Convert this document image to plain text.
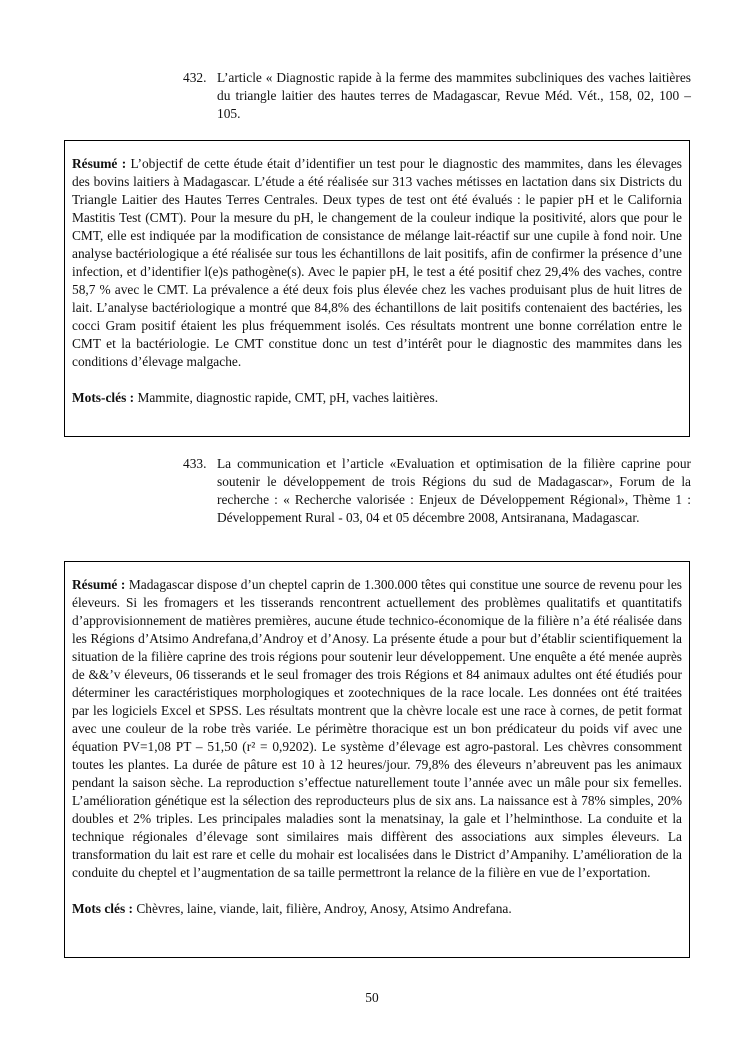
432. L’article « Diagnostic rapide à la ferme des mammites subcliniques des vaches laitières du triangle laitier des hautes terres de Madagascar, Revue Méd. Vét., 158, 02, 100 – 105.

Résumé : L’objectif de cette étude était d’identifier un test pour le diagnostic des mammites, dans les élevages des bovins laitiers à Madagascar. L’étude a été réalisée sur 313 vaches métisses en lactation dans six Districts du Triangle Laitier des Hautes Terres Centrales. Deux types de test ont été évalués : le papier pH et le California Mastitis Test (CMT). Pour la mesure du pH, le changement de la couleur indique la positivité, alors que pour le CMT, elle est indiquée par la modification de consistance de mélange lait-réactif sur une cupile à fond noir. Une analyse bactériologique a été réalisée sur tous les échantillons de lait positifs, afin de confirmer la présence d’une infection, et d’identifier l(e)s pathogène(s). Avec le papier pH, le test a été positif chez 29,4% des vaches, contre 58,7 % avec le CMT. La prévalence a été deux fois plus élevée chez les vaches produisant plus de huit litres de lait. L’analyse bactériologique a montré que 84,8% des échantillons de lait positifs contenaient des bactéries, les cocci Gram positif étaient les plus fréquemment isolés. Ces résultats montrent une bonne corrélation entre le CMT et la bactériologie. Le CMT constitue donc un test d’intérêt pour le diagnostic des mammites dans les conditions d’élevage malgache.

Mots-clés : Mammite, diagnostic rapide, CMT, pH, vaches laitières.

433. La communication et l’article «Evaluation et optimisation de la filière caprine pour soutenir le développement de trois Régions du sud de Madagascar», Forum de la recherche : « Recherche valorisée : Enjeux de Développement Régional», Thème 1 : Développement Rural - 03, 04 et 05 décembre 2008, Antsiranana, Madagascar.

Résumé : Madagascar dispose d’un cheptel caprin de 1.300.000 têtes qui constitue une source de revenu pour les éleveurs. Si les fromagers et les tisserands rencontrent actuellement des problèmes qualitatifs et quantitatifs d’approvisionnement de matières premières, aucune étude technico-économique de la filière n’a été réalisée dans les Régions d’Atsimo Andrefana,d’Androy et d’Anosy. La présente étude a pour but d’établir scientifiquement la situation de la filière caprine des trois régions pour soutenir leur développement. Une enquête a été menée auprès de &&’v éleveurs, 06 tisserands et le seul fromager des trois Régions et 84 animaux adultes ont été étudiés pour déterminer les caractéristiques morphologiques et zootechniques de la race locale. Les données ont été traitées par les logiciels Excel et SPSS. Les résultats montrent que la chèvre locale est une race à cornes, de petit format avec une couleur de la robe très variée. Le périmètre thoracique est un bon prédicateur du poids vif avec une équation PV=1,08 PT – 51,50 (r² = 0,9202). Le système d’élevage est agro-pastoral. Les chèvres consomment toutes les plantes. La durée de pâture est 10 à 12 heures/jour. 79,8% des éleveurs n’abreuvent pas les animaux pendant la saison sèche. La reproduction s’effectue naturellement toute l’année avec un mâle pour six femelles. L’amélioration génétique est la sélection des reproducteurs plus de six ans. La naissance est à 78% simples, 20% doubles et 2% triples. Les principales maladies sont la menatsinay, la gale et l’helminthose. La conduite et la technique régionales d’élevage sont similaires mais diffèrent des associations aux simples éleveurs. La transformation du lait est rare et celle du mohair est localisées dans le District d’Ampanihy. L’amélioration de la conduite du cheptel et l’augmentation de sa taille permettront la relance de la filière en vue de l’exportation.

Mots clés : Chèvres, laine, viande, lait, filière, Androy, Anosy, Atsimo Andrefana.

50
